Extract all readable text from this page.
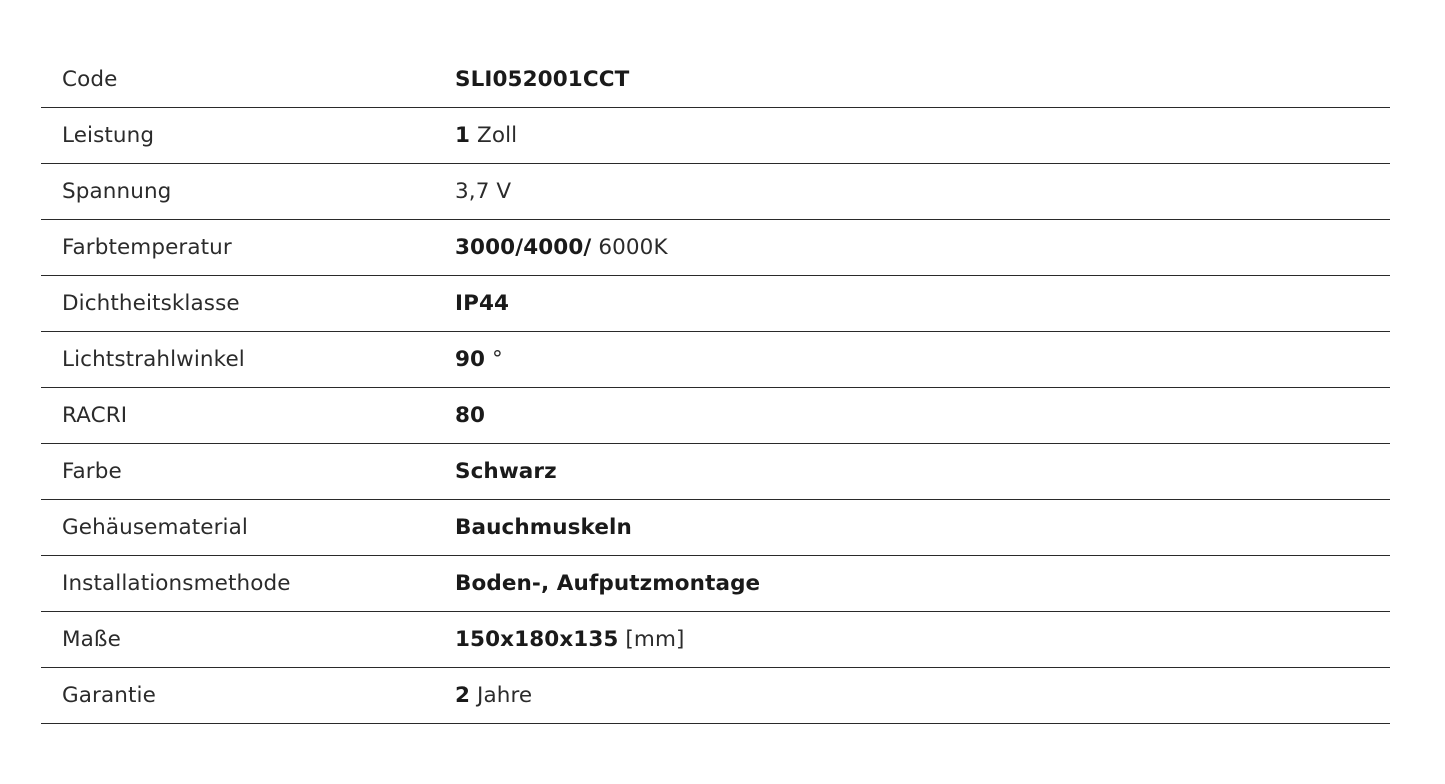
Code	SLI052001CCT
Leistung	1 Zoll
Spannung	3,7 V
Farbtemperatur	3000/4000/ 6000K
Dichtheitsklasse	IP44
Lichtstrahlwinkel	90 °
RACRI	80
Farbe	Schwarz
Gehäusematerial	Bauchmuskeln
Installationsmethode	Boden-, Aufputzmontage
Maße	150x180x135 [mm]
Garantie	2 Jahre
